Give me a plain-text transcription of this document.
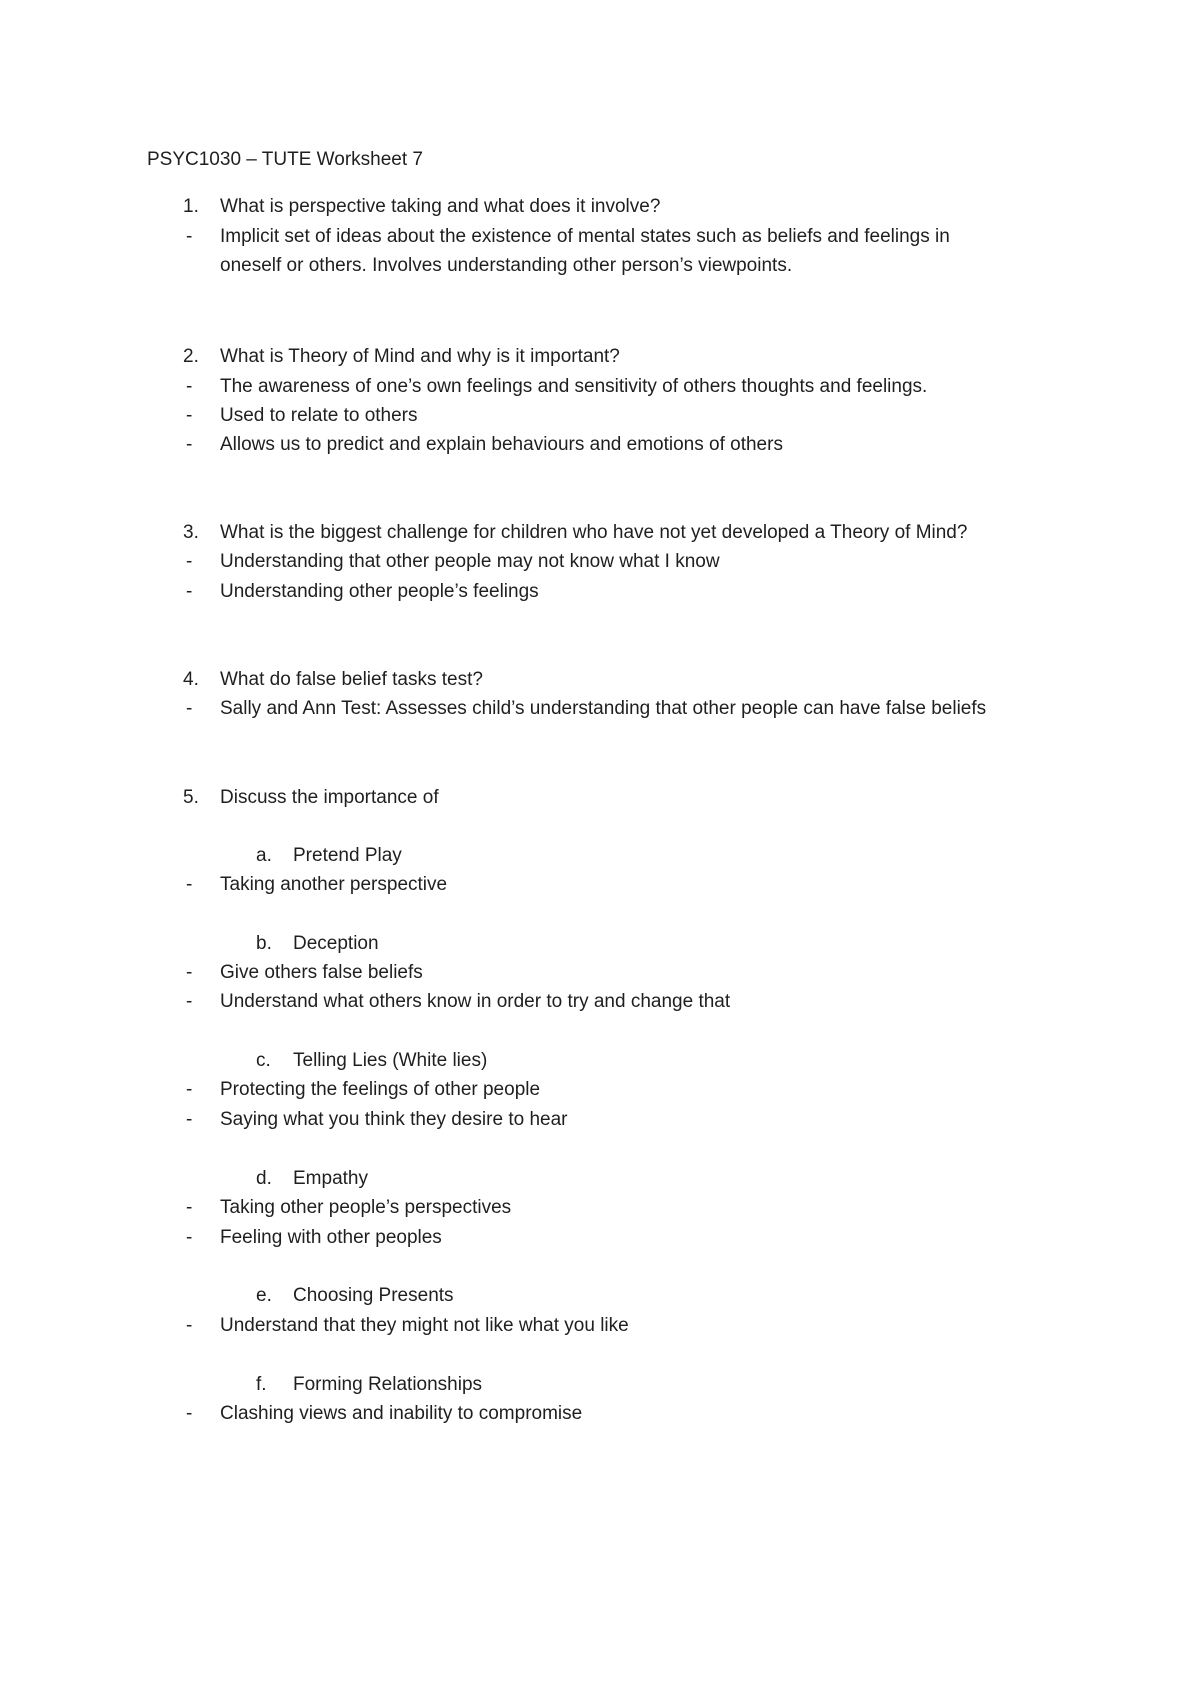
PSYC1030 – TUTE Worksheet 7
1. What is perspective taking and what does it involve?
- Implicit set of ideas about the existence of mental states such as beliefs and feelings in
oneself or others. Involves understanding other person’s viewpoints.
2. What is Theory of Mind and why is it important?
- The awareness of one’s own feelings and sensitivity of others thoughts and feelings.
- Used to relate to others
- Allows us to predict and explain behaviours and emotions of others
3. What is the biggest challenge for children who have not yet developed a Theory of Mind?
- Understanding that other people may not know what I know
- Understanding other people’s feelings
4. What do false belief tasks test?
- Sally and Ann Test: Assesses child’s understanding that other people can have false beliefs
5. Discuss the importance of
a. Pretend Play
- Taking another perspective
b. Deception
- Give others false beliefs
- Understand what others know in order to try and change that
c. Telling Lies (White lies)
- Protecting the feelings of other people
- Saying what you think they desire to hear
d. Empathy
- Taking other people’s perspectives
- Feeling with other peoples
e. Choosing Presents
- Understand that they might not like what you like
f. Forming Relationships
- Clashing views and inability to compromise
